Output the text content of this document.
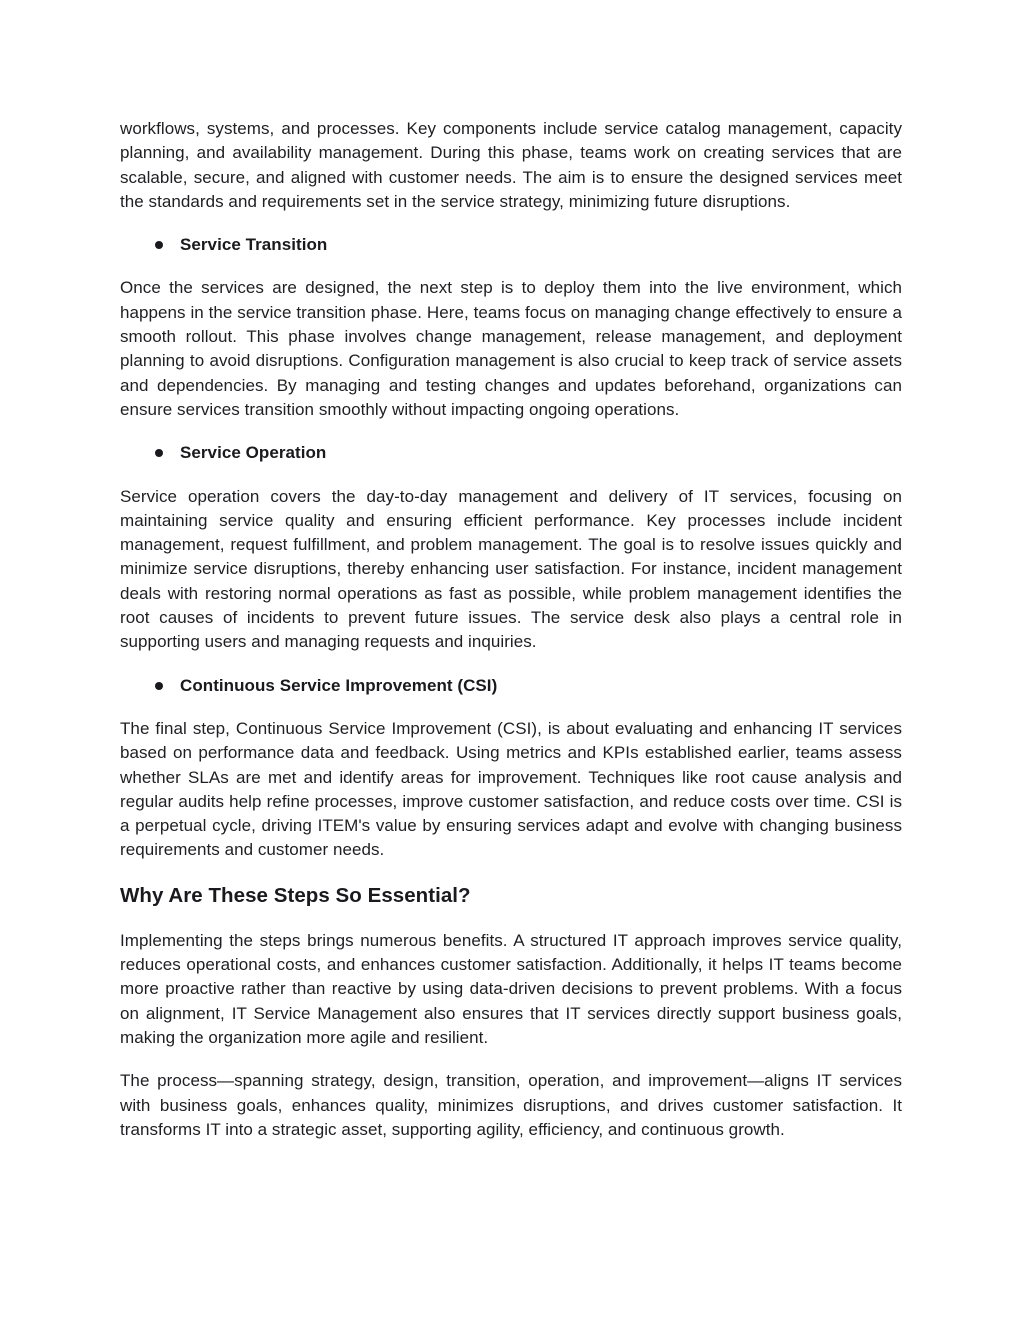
workflows, systems, and processes. Key components include service catalog management, capacity planning, and availability management. During this phase, teams work on creating services that are scalable, secure, and aligned with customer needs. The aim is to ensure the designed services meet the standards and requirements set in the service strategy, minimizing future disruptions.

Service Transition

Once the services are designed, the next step is to deploy them into the live environment, which happens in the service transition phase. Here, teams focus on managing change effectively to ensure a smooth rollout. This phase involves change management, release management, and deployment planning to avoid disruptions. Configuration management is also crucial to keep track of service assets and dependencies. By managing and testing changes and updates beforehand, organizations can ensure services transition smoothly without impacting ongoing operations.

Service Operation

Service operation covers the day-to-day management and delivery of IT services, focusing on maintaining service quality and ensuring efficient performance. Key processes include incident management, request fulfillment, and problem management. The goal is to resolve issues quickly and minimize service disruptions, thereby enhancing user satisfaction. For instance, incident management deals with restoring normal operations as fast as possible, while problem management identifies the root causes of incidents to prevent future issues. The service desk also plays a central role in supporting users and managing requests and inquiries.

Continuous Service Improvement (CSI)

The final step, Continuous Service Improvement (CSI), is about evaluating and enhancing IT services based on performance data and feedback. Using metrics and KPIs established earlier, teams assess whether SLAs are met and identify areas for improvement. Techniques like root cause analysis and regular audits help refine processes, improve customer satisfaction, and reduce costs over time. CSI is a perpetual cycle, driving ITEM's value by ensuring services adapt and evolve with changing business requirements and customer needs.

Why Are These Steps So Essential?

Implementing the steps brings numerous benefits. A structured IT approach improves service quality, reduces operational costs, and enhances customer satisfaction. Additionally, it helps IT teams become more proactive rather than reactive by using data-driven decisions to prevent problems. With a focus on alignment, IT Service Management also ensures that IT services directly support business goals, making the organization more agile and resilient.

The process—spanning strategy, design, transition, operation, and improvement—aligns IT services with business goals, enhances quality, minimizes disruptions, and drives customer satisfaction. It transforms IT into a strategic asset, supporting agility, efficiency, and continuous growth.
